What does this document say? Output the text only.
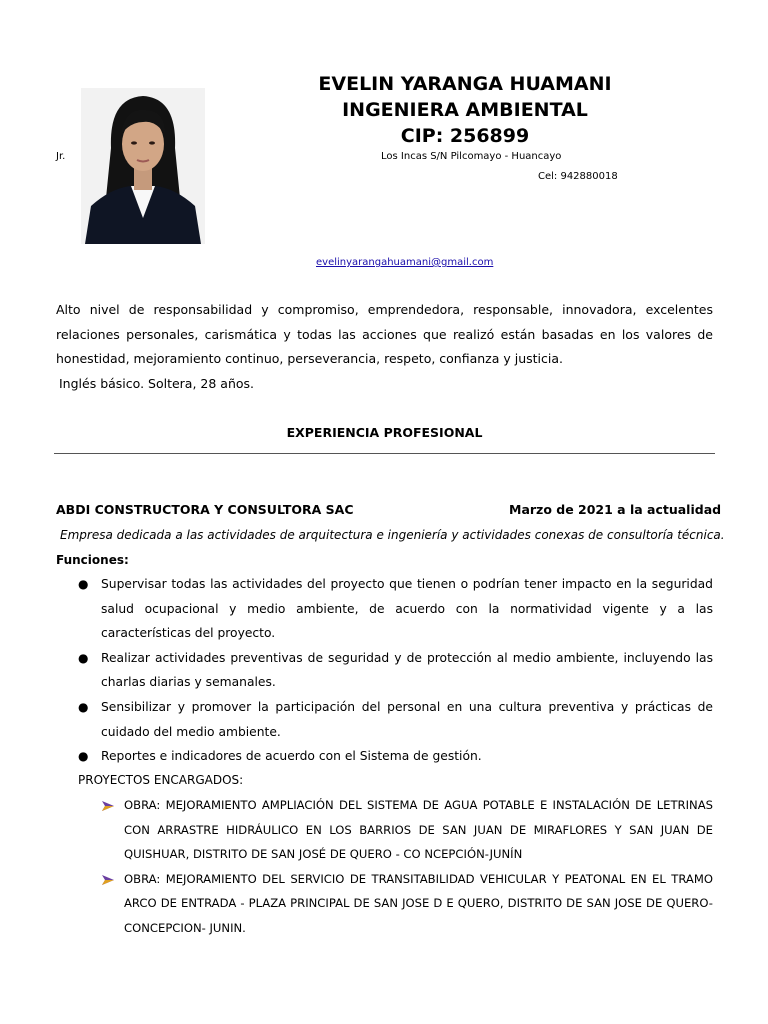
EVELIN YARANGA HUAMANI
INGENIERA AMBIENTAL
CIP: 256899
Jr.	Los Incas S/N Pilcomayo - Huancayo
Cel: 942880018
evelinyarangahuamani@gmail.com

Alto nivel de responsabilidad y compromiso, emprendedora, responsable, innovadora, excelentes relaciones personales, carismática y todas las acciones que realizó están basadas en los valores de honestidad, mejoramiento continuo, perseverancia, respeto, confianza y justicia.

Inglés básico. Soltera, 28 años.

EXPERIENCIA PROFESIONAL
ABDI CONSTRUCTORA Y CONSULTORA SAC	Marzo de 2021 a la actualidad
Empresa dedicada a las actividades de arquitectura e ingeniería y actividades conexas de consultoría técnica.
Funciones:
● Supervisar todas las actividades del proyecto que tienen o podrían tener impacto en la seguridad salud ocupacional y medio ambiente, de acuerdo con la normatividad vigente y a las características del proyecto.
● Realizar actividades preventivas de seguridad y de protección al medio ambiente, incluyendo las charlas diarias y semanales.
● Sensibilizar y promover la participación del personal en una cultura preventiva y prácticas de cuidado del medio ambiente.
● Reportes e indicadores de acuerdo con el Sistema de gestión.
PROYECTOS ENCARGADOS:
OBRA: MEJORAMIENTO AMPLIACIÓN DEL SISTEMA DE AGUA POTABLE E INSTALACIÓN DE LETRINAS CON ARRASTRE HIDRÁULICO EN LOS BARRIOS DE SAN JUAN DE MIRAFLORES Y SAN JUAN DE QUISHUAR, DISTRITO DE SAN JOSÉ DE QUERO - CO NCEPCIÓN-JUNÍN
OBRA: MEJORAMIENTO DEL SERVICIO DE TRANSITABILIDAD VEHICULAR Y PEATONAL EN EL TRAMO ARCO DE ENTRADA - PLAZA PRINCIPAL DE SAN JOSE D E QUERO, DISTRITO DE SAN JOSE DE QUERO-CONCEPCION- JUNIN.
